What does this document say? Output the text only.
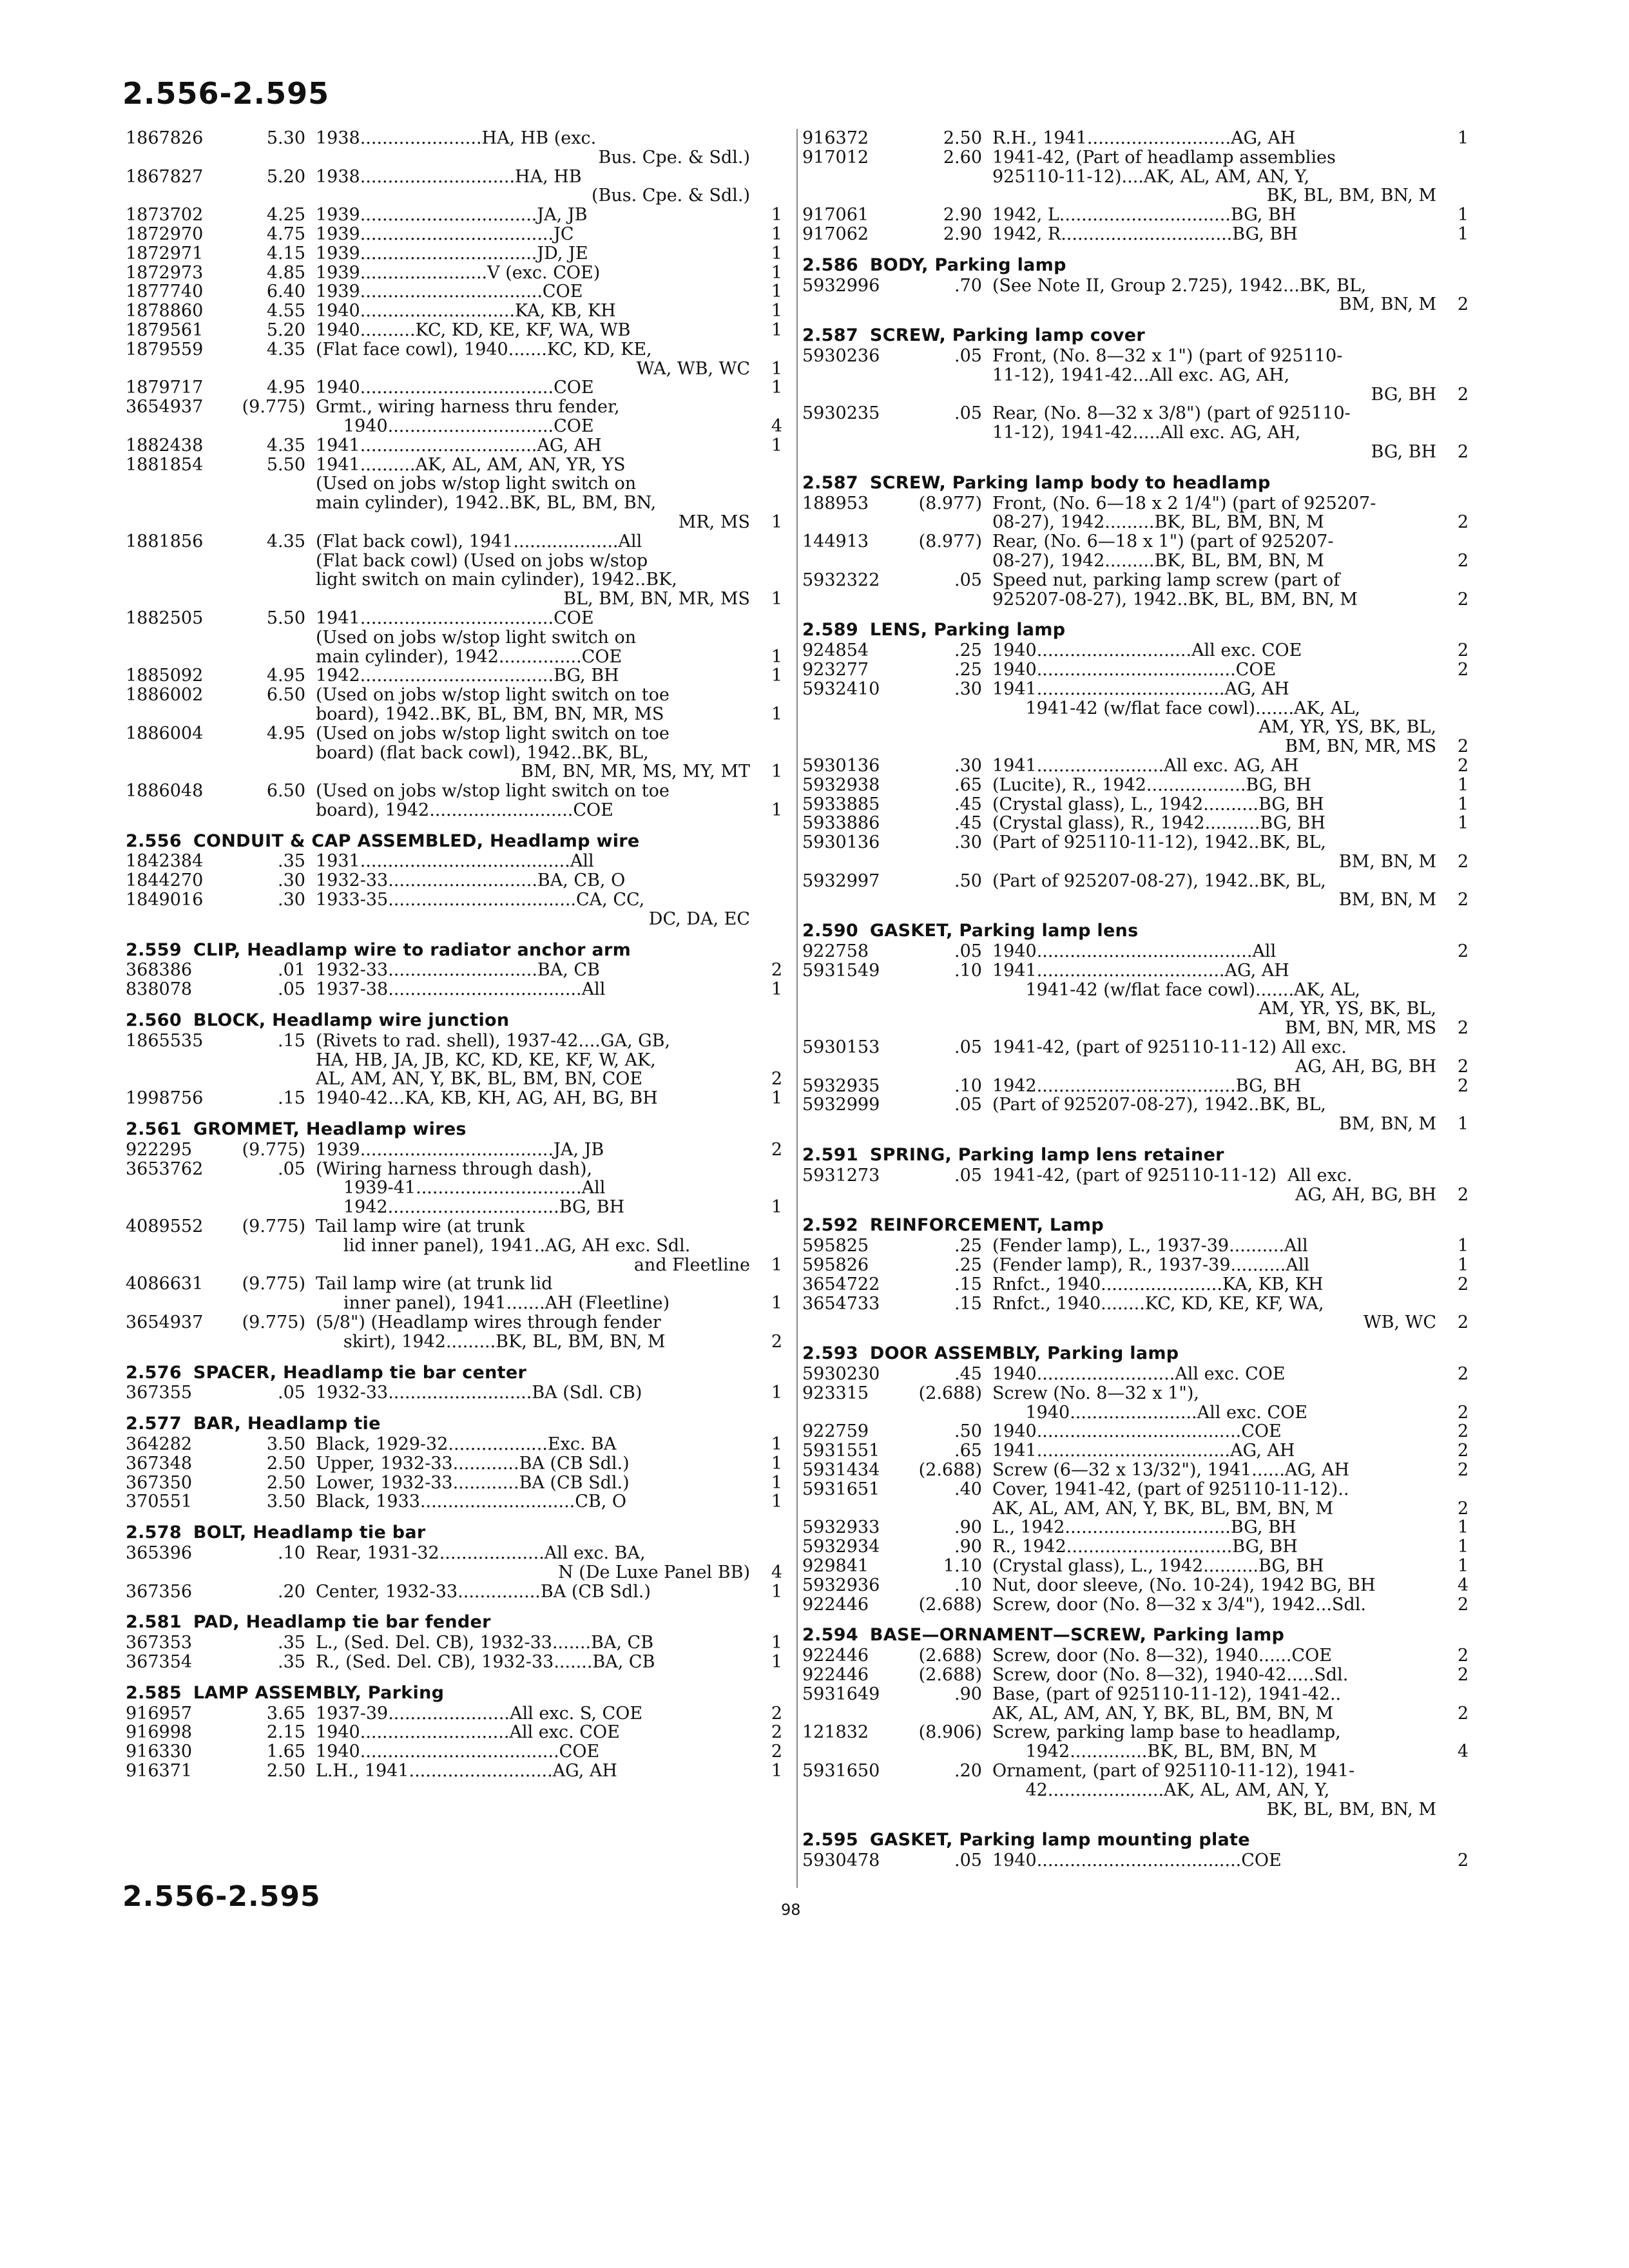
2.556-2.595
1867826	5.30 1938......................HA, HB (exc.
Bus. Cpe. & Sdl.)
1867827	5.20 1938............................HA, HB
(Bus. Cpe. & Sdl.)
1873702	4.25 1939................................JA, JB	1
1872970	4.75 1939...................................JC	1
1872971	4.15 1939................................JD, JE	1
1872973	4.85 1939.......................V (exc. COE)	1
1877740	6.40 1939.................................COE	1
1878860	4.55 1940............................KA, KB, KH	1
1879561	5.20 1940..........KC, KD, KE, KF, WA, WB	1
1879559	4.35 (Flat face cowl), 1940.......KC, KD, KE,
WA, WB, WC	1
1879717	4.95 1940...................................COE	1
3654937	(9.775) Grmt., wiring harness thru fender,
1940..............................COE	4
1882438	4.35 1941................................AG, AH	1
1881854	5.50 1941..........AK, AL, AM, AN, YR, YS
(Used on jobs w/stop light switch on
main cylinder), 1942..BK, BL, BM, BN,
MR, MS	1
1881856	4.35 (Flat back cowl), 1941...................All
(Flat back cowl) (Used on jobs w/stop
light switch on main cylinder), 1942..BK,
BL, BM, BN, MR, MS	1
1882505	5.50 1941...................................COE
(Used on jobs w/stop light switch on
main cylinder), 1942...............COE	1
1885092	4.95 1942...................................BG, BH	1
1886002	6.50 (Used on jobs w/stop light switch on toe
board), 1942..BK, BL, BM, BN, MR, MS	1
1886004	4.95 (Used on jobs w/stop light switch on toe
board) (flat back cowl), 1942..BK, BL,
BM, BN, MR, MS, MY, MT	1
1886048	6.50 (Used on jobs w/stop light switch on toe
board), 1942..........................COE	1
2.556 CONDUIT & CAP ASSEMBLED, Headlamp wire
1842384	.35 1931......................................All
1844270	.30 1932-33...........................BA, CB, O
1849016	.30 1933-35..................................CA, CC,
DC, DA, EC
2.559 CLIP, Headlamp wire to radiator anchor arm
368386	.01 1932-33...........................BA, CB	2
838078	.05 1937-38...................................All	1
2.560 BLOCK, Headlamp wire junction
1865535	.15 (Rivets to rad. shell), 1937-42....GA, GB,
HA, HB, JA, JB, KC, KD, KE, KF, W, AK,
AL, AM, AN, Y, BK, BL, BM, BN, COE	2
1998756	.15 1940-42...KA, KB, KH, AG, AH, BG, BH	1
2.561 GROMMET, Headlamp wires
922295	(9.775) 1939...................................JA, JB	2
3653762	.05 (Wiring harness through dash),
1939-41..............................All
1942...............................BG, BH	1
4089552	(9.775) Tail lamp wire (at trunk
lid inner panel), 1941..AG, AH exc. Sdl.
and Fleetline	1
4086631	(9.775) Tail lamp wire (at trunk lid
inner panel), 1941.......AH (Fleetline)	1
3654937	(9.775) (5/8") (Headlamp wires through fender
skirt), 1942.........BK, BL, BM, BN, M	2
2.576 SPACER, Headlamp tie bar center
367355	.05 1932-33..........................BA (Sdl. CB)	1
2.577 BAR, Headlamp tie
364282	3.50 Black, 1929-32..................Exc. BA	1
367348	2.50 Upper, 1932-33............BA (CB Sdl.)	1
367350	2.50 Lower, 1932-33............BA (CB Sdl.)	1
370551	3.50 Black, 1933............................CB, O	1
2.578 BOLT, Headlamp tie bar
365396	.10 Rear, 1931-32...................All exc. BA,
N (De Luxe Panel BB)	4
367356	.20 Center, 1932-33...............BA (CB Sdl.)	1
2.581 PAD, Headlamp tie bar fender
367353	.35 L., (Sed. Del. CB), 1932-33.......BA, CB	1
367354	.35 R., (Sed. Del. CB), 1932-33.......BA, CB	1
2.585 LAMP ASSEMBLY, Parking
916957	3.65 1937-39......................All exc. S, COE	2
916998	2.15 1940...........................All exc. COE	2
916330	1.65 1940....................................COE	2
916371	2.50 L.H., 1941..........................AG, AH	1
916372	2.50 R.H., 1941..........................AG, AH	1
917012	2.60 1941-42, (Part of headlamp assemblies
925110-11-12)....AK, AL, AM, AN, Y,
BK, BL, BM, BN, M
917061	2.90 1942, L...............................BG, BH	1
917062	2.90 1942, R...............................BG, BH	1
2.586 BODY, Parking lamp
5932996	.70 (See Note II, Group 2.725), 1942...BK, BL,
BM, BN, M	2
2.587 SCREW, Parking lamp cover
5930236	.05 Front, (No. 8—32 x 1") (part of 925110-
11-12), 1941-42...All exc. AG, AH,
BG, BH	2
5930235	.05 Rear, (No. 8—32 x 3/8") (part of 925110-
11-12), 1941-42.....All exc. AG, AH,
BG, BH	2
2.587 SCREW, Parking lamp body to headlamp
188953	(8.977) Front, (No. 6—18 x 2 1/4") (part of 925207-
08-27), 1942.........BK, BL, BM, BN, M	2
144913	(8.977) Rear, (No. 6—18 x 1") (part of 925207-
08-27), 1942.........BK, BL, BM, BN, M	2
5932322	.05 Speed nut, parking lamp screw (part of
925207-08-27), 1942..BK, BL, BM, BN, M	2
2.589 LENS, Parking lamp
924854	.25 1940............................All exc. COE	2
923277	.25 1940....................................COE	2
5932410	.30 1941..................................AG, AH
1941-42 (w/flat face cowl).......AK, AL,
AM, YR, YS, BK, BL,
BM, BN, MR, MS	2
5930136	.30 1941.......................All exc. AG, AH	2
5932938	.65 (Lucite), R., 1942..................BG, BH	1
5933885	.45 (Crystal glass), L., 1942..........BG, BH	1
5933886	.45 (Crystal glass), R., 1942..........BG, BH	1
5930136	.30 (Part of 925110-11-12), 1942..BK, BL,
BM, BN, M	2
5932997	.50 (Part of 925207-08-27), 1942..BK, BL,
BM, BN, M	2
2.590 GASKET, Parking lamp lens
922758	.05 1940.......................................All	2
5931549	.10 1941..................................AG, AH
1941-42 (w/flat face cowl).......AK, AL,
AM, YR, YS, BK, BL,
BM, BN, MR, MS	2
5930153	.05 1941-42, (part of 925110-11-12) All exc.
AG, AH, BG, BH	2
5932935	.10 1942....................................BG, BH	2
5932999	.05 (Part of 925207-08-27), 1942..BK, BL,
BM, BN, M	1
2.591 SPRING, Parking lamp lens retainer
5931273	.05 1941-42, (part of 925110-11-12)  All exc.
AG, AH, BG, BH	2
2.592 REINFORCEMENT, Lamp
595825	.25 (Fender lamp), L., 1937-39..........All	1
595826	.25 (Fender lamp), R., 1937-39..........All	1
3654722	.15 Rnfct., 1940......................KA, KB, KH	2
3654733	.15 Rnfct., 1940........KC, KD, KE, KF, WA,
WB, WC	2
2.593 DOOR ASSEMBLY, Parking lamp
5930230	.45 1940.........................All exc. COE	2
923315	(2.688) Screw (No. 8—32 x 1"),
1940.......................All exc. COE	2
922759	.50 1940.....................................COE	2
5931551	.65 1941...................................AG, AH	2
5931434	(2.688) Screw (6—32 x 13/32"), 1941......AG, AH	2
5931651	.40 Cover, 1941-42, (part of 925110-11-12)..
AK, AL, AM, AN, Y, BK, BL, BM, BN, M	2
5932933	.90 L., 1942..............................BG, BH	1
5932934	.90 R., 1942..............................BG, BH	1
929841	1.10 (Crystal glass), L., 1942..........BG, BH	1
5932936	.10 Nut, door sleeve, (No. 10-24), 1942 BG, BH	4
922446	(2.688) Screw, door (No. 8—32 x 3/4"), 1942...Sdl.	2
2.594 BASE—ORNAMENT—SCREW, Parking lamp
922446	(2.688) Screw, door (No. 8—32), 1940......COE	2
922446	(2.688) Screw, door (No. 8—32), 1940-42.....Sdl.	2
5931649	.90 Base, (part of 925110-11-12), 1941-42..
AK, AL, AM, AN, Y, BK, BL, BM, BN, M	2
121832	(8.906) Screw, parking lamp base to headlamp,
1942..............BK, BL, BM, BN, M	4
5931650	.20 Ornament, (part of 925110-11-12), 1941-
42.....................AK, AL, AM, AN, Y,
BK, BL, BM, BN, M
2.595 GASKET, Parking lamp mounting plate
5930478	.05 1940.....................................COE	2
2.556-2.595	98
